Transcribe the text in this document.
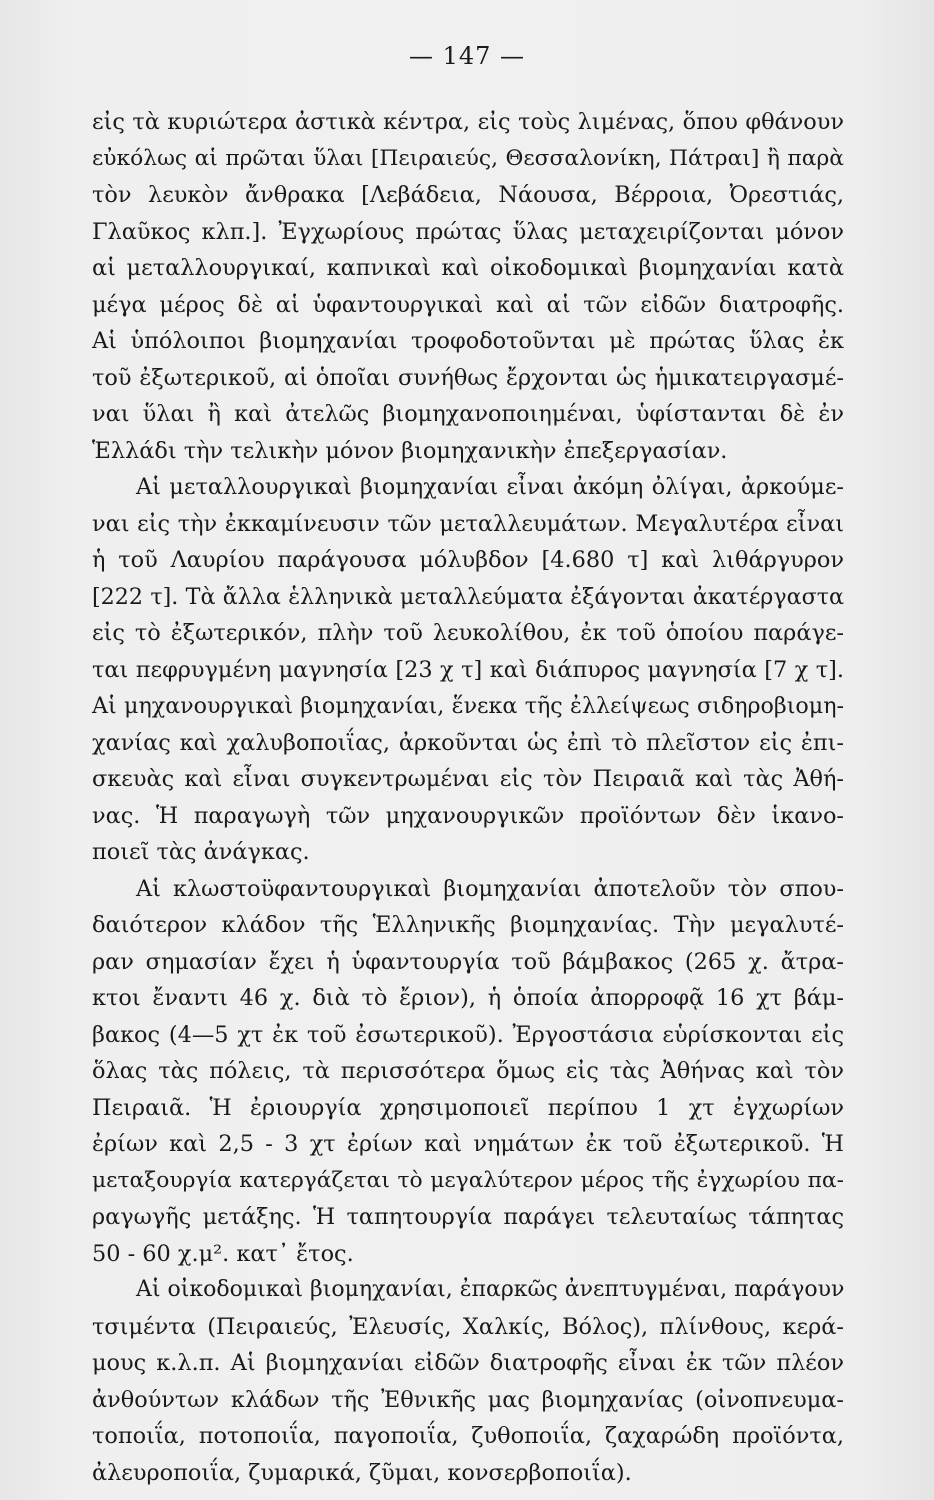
— 147 —
εἰς τὰ κυριώτερα ἀστικὰ κέντρα, εἰς τοὺς λιμένας, ὅπου φθάνουν
εὐκόλως αἱ πρῶται ὕλαι [Πειραιεύς, Θεσσαλονίκη, Πάτραι] ἢ παρὰ
τὸν λευκὸν ἄνθρακα [Λεβάδεια, Νάουσα, Βέρροια, Ὀρεστιάς,
Γλαῦκος κλπ.]. Ἐγχωρίους πρώτας ὕλας μεταχειρίζονται μόνον
αἱ μεταλλουργικαί, καπνικαὶ καὶ οἰκοδομικαὶ βιομηχανίαι κατὰ
μέγα μέρος δὲ αἱ ὑφαντουργικαὶ καὶ αἱ τῶν εἰδῶν διατροφῆς.
Αἱ ὑπόλοιποι βιομηχανίαι τροφοδοτοῦνται μὲ πρώτας ὕλας ἐκ
τοῦ ἐξωτερικοῦ, αἱ ὁποῖαι συνήθως ἔρχονται ὡς ἡμικατειργασμέ-
ναι ὕλαι ἢ καὶ ἀτελῶς βιομηχανοποιημέναι, ὑφίστανται δὲ ἐν
Ἑλλάδι τὴν τελικὴν μόνον βιομηχανικὴν ἐπεξεργασίαν.
Αἱ μεταλλουργικαὶ βιομηχανίαι εἶναι ἀκόμη ὀλίγαι, ἀρκούμε-
ναι εἰς τὴν ἐκκαμίνευσιν τῶν μεταλλευμάτων. Μεγαλυτέρα εἶναι
ἡ τοῦ Λαυρίου παράγουσα μόλυβδον [4.680 τ] καὶ λιθάργυρον
[222 τ]. Τὰ ἄλλα ἑλληνικὰ μεταλλεύματα ἐξάγονται ἀκατέργαστα
εἰς τὸ ἐξωτερικόν, πλὴν τοῦ λευκολίθου, ἐκ τοῦ ὁποίου παράγε-
ται πεφρυγμένη μαγνησία [23 χ τ] καὶ διάπυρος μαγνησία [7 χ τ].
Αἱ μηχανουργικαὶ βιομηχανίαι, ἕνεκα τῆς ἐλλείψεως σιδηροβιομη-
χανίας καὶ χαλυβοποιΐας, ἀρκοῦνται ὡς ἐπὶ τὸ πλεῖστον εἰς ἐπι-
σκευὰς καὶ εἶναι συγκεντρωμέναι εἰς τὸν Πειραιᾶ καὶ τὰς Ἀθή-
νας. Ἡ παραγωγὴ τῶν μηχανουργικῶν προϊόντων δὲν ἱκανο-
ποιεῖ τὰς ἀνάγκας.
Αἱ κλωστοϋφαντουργικαὶ βιομηχανίαι ἀποτελοῦν τὸν σπου-
δαιότερον κλάδον τῆς Ἑλληνικῆς βιομηχανίας. Τὴν μεγαλυτέ-
ραν σημασίαν ἔχει ἡ ὑφαντουργία τοῦ βάμβακος (265 χ. ἄτρα-
κτοι ἔναντι 46 χ. διὰ τὸ ἔριον), ἡ ὁποία ἀπορροφᾷ 16 χτ βάμ-
βακος (4—5 χτ ἐκ τοῦ ἐσωτερικοῦ). Ἐργοστάσια εὑρίσκονται εἰς
ὅλας τὰς πόλεις, τὰ περισσότερα ὅμως εἰς τὰς Ἀθήνας καὶ τὸν
Πειραιᾶ. Ἡ ἐριουργία χρησιμοποιεῖ περίπου 1 χτ ἐγχωρίων
ἐρίων καὶ 2,5 - 3 χτ ἐρίων καὶ νημάτων ἐκ τοῦ ἐξωτερικοῦ. Ἡ
μεταξουργία κατεργάζεται τὸ μεγαλύτερον μέρος τῆς ἐγχωρίου πα-
ραγωγῆς μετάξης. Ἡ ταπητουργία παράγει τελευταίως τάπητας
50 - 60 χ.μ². κατ᾽ ἔτος.
Αἱ οἰκοδομικαὶ βιομηχανίαι, ἐπαρκῶς ἀνεπτυγμέναι, παράγουν
τσιμέντα (Πειραιεύς, Ἐλευσίς, Χαλκίς, Βόλος), πλίνθους, κερά-
μους κ.λ.π. Αἱ βιομηχανίαι εἰδῶν διατροφῆς εἶναι ἐκ τῶν πλέον
ἀνθούντων κλάδων τῆς Ἐθνικῆς μας βιομηχανίας (οἰνοπνευμα-
τοποιΐα, ποτοποιΐα, παγοποιΐα, ζυθοποιΐα, ζαχαρώδη προϊόντα,
ἀλευροποιΐα, ζυμαρικά, ζῦμαι, κονσερβοποιΐα).
